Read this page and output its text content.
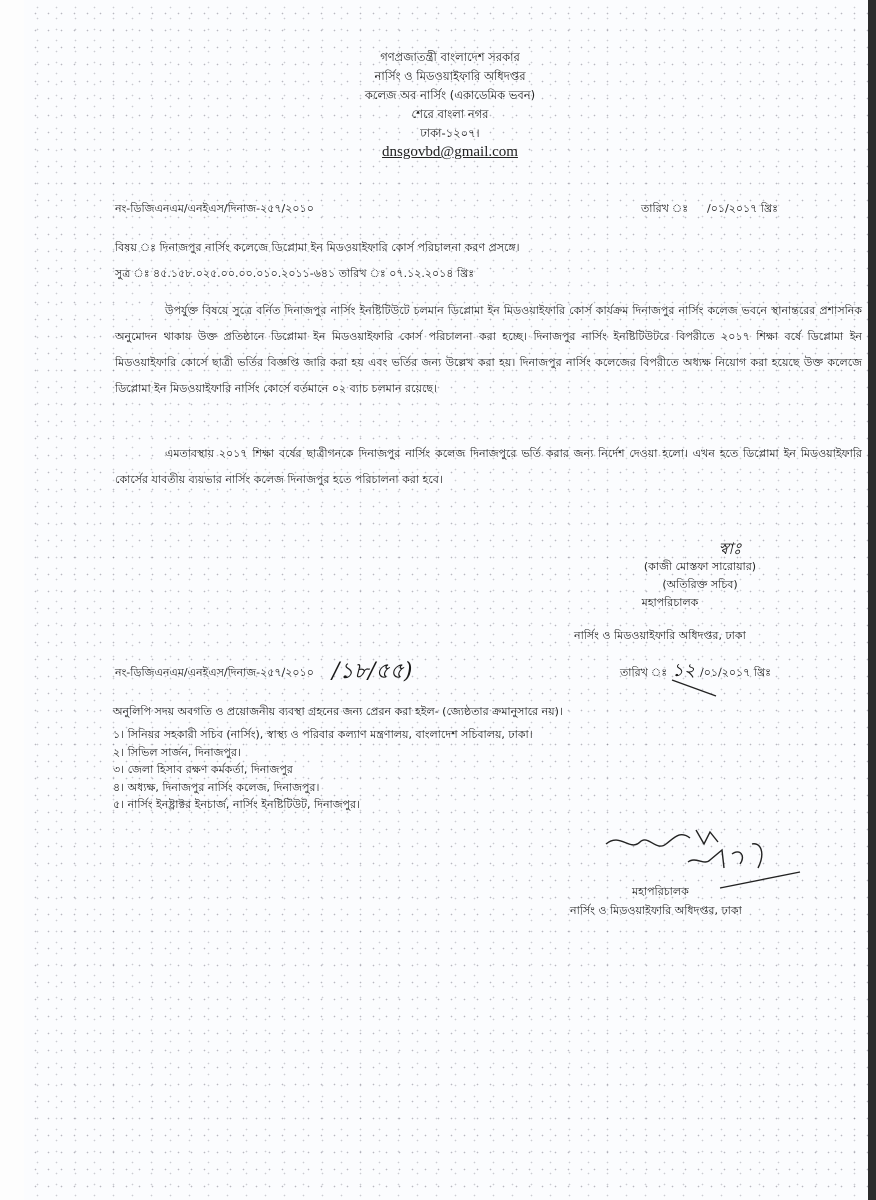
গণপ্রজাতন্ত্রী বাংলাদেশ সরকার
নার্সিং ও মিডওয়াইফারি অধিদপ্তর
কলেজ অব নার্সিং (একাডেমিক ভবন)
শেরে বাংলা নগর
ঢাকা-১২০৭।
dnsgovbd@gmail.com
নং-ডিজিএনএম/এনইএস/দিনাজ-২৫৭/২০১০	তারিখ ঃ /০১/২০১৭ খ্রিঃ
বিষয় ঃ দিনাজপুর নার্সিং কলেজে ডিপ্লোমা ইন মিডওয়াইফারি কোর্স পরিচালনা করণ প্রসঙ্গে।
সুত্র ঃ ৪৫.১৫৮.০২৫.০০.০০.০১০.২০১১-৬৪১ তারিখ ঃ ০৭.১২.২০১৪ খ্রিঃ
উপর্যুক্ত বিষয়ে সুত্রে বর্নিত দিনাজপুর নার্সিং ইনষ্টিটিউটে চলমান ডিপ্লোমা ইন মিডওয়াইফারি কোর্স কার্যক্রম দিনাজপুর নার্সিং কলেজ ভবনে স্থানান্তরের প্রশাসনিক অনুমোদন থাকায় উক্ত প্রতিষ্ঠানে ডিপ্লোমা ইন মিডওয়াইফারি কোর্স পরিচালনা করা হচ্ছে। দিনাজপুর নার্সিং ইনষ্টিটিউটরে বিপরীতে ২০১৭ শিক্ষা বর্ষে ডিপ্লোমা ইন মিডওয়াইফারি কোর্সে ছাত্রী ভর্তির বিজ্ঞপ্তি জারি করা হয় এবং ভর্তির জন্য উল্লেখ করা হয়। দিনাজপুর নার্সিং কলেজের বিপরীতে অধ্যক্ষ নিয়োগ করা হয়েছে উক্ত কলেজে ডিপ্লোমা ইন মিডওয়াইফারি নার্সিং কোর্সে বর্তমানে ০২ ব্যাচ চলমান রয়েছে।
এমতাবস্থায় ২০১৭ শিক্ষা বর্ষের ছাত্রীগনকে দিনাজপুর নার্সিং কলেজ দিনাজপুরে ভর্তি করার জন্য নির্দেশ দেওয়া হলো। এখন হতে ডিপ্লোমা ইন মিডওয়াইফারি কোর্সের যাবতীয় ব্যয়ভার নার্সিং কলেজ দিনাজপুর হতে পরিচালনা করা হবে।
স্বাঃ
(কাজী মোস্তফা সারোয়ার)
(অতিরিক্ত সচিব)
মহাপরিচালক
নার্সিং ও মিডওয়াইফারি অধিদপ্তর, ঢাকা
নং-ডিজিএনএম/এনইএস/দিনাজ-২৫৭/২০১০ /১৮/৫৫)	তারিখ ঃ ১২ /০১/২০১৭ খ্রিঃ
অনুলিপি সদয় অবগতি ও প্রয়োজনীয় ব্যবস্থা গ্রহনের জন্য প্রেরন করা হইল- (জ্যেষ্ঠতার ক্রমানুসারে নয়)।
১। সিনিয়র সহকারী সচিব (নার্সিং), স্বাস্থ্য ও পরিবার কল্যাণ মন্ত্রণালয়, বাংলাদেশ সচিবালয়, ঢাকা।
২। সিভিল সার্জন, দিনাজপুর।
৩। জেলা হিসাব রক্ষণ কর্মকর্তা, দিনাজপুর
৪। অধ্যক্ষ, দিনাজপুর নার্সিং কলেজ, দিনাজপুর।
৫। নার্সিং ইনষ্ট্রাক্টর ইনচার্জ, নার্সিং ইনষ্টিটিউট, দিনাজপুর।
মহাপরিচালক
নার্সিং ও মিডওয়াইফারি অধিদপ্তর, ঢাকা
